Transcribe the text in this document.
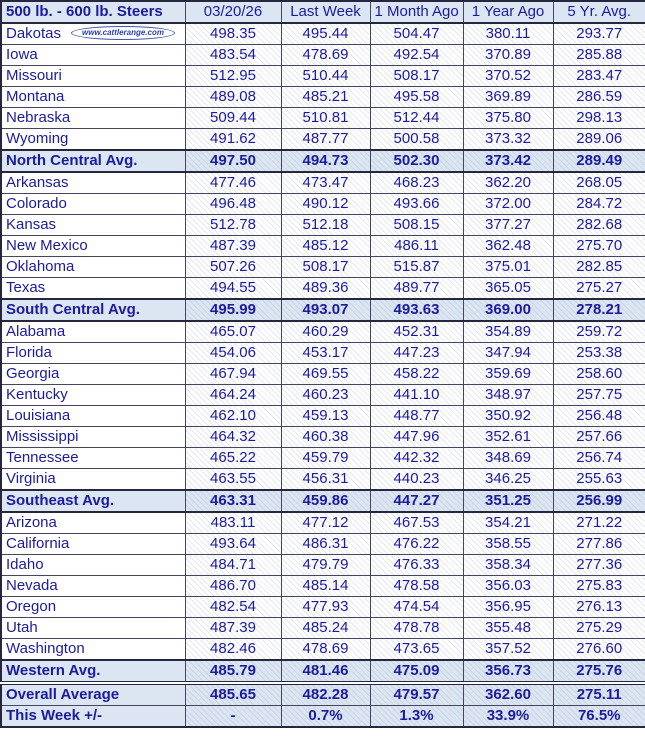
500 lb. - 600 lb. Steers	03/20/26	Last Week	1 Month Ago	1 Year Ago	5 Yr. Avg.
Dakotas www.cattlerange.com	498.35	495.44	504.47	380.11	293.77
Iowa	483.54	478.69	492.54	370.89	285.88
Missouri	512.95	510.44	508.17	370.52	283.47
Montana	489.08	485.21	495.58	369.89	286.59
Nebraska	509.44	510.81	512.44	375.80	298.13
Wyoming	491.62	487.77	500.58	373.32	289.06
North Central Avg.	497.50	494.73	502.30	373.42	289.49
Arkansas	477.46	473.47	468.23	362.20	268.05
Colorado	496.48	490.12	493.66	372.00	284.72
Kansas	512.78	512.18	508.15	377.27	282.68
New Mexico	487.39	485.12	486.11	362.48	275.70
Oklahoma	507.26	508.17	515.87	375.01	282.85
Texas	494.55	489.36	489.77	365.05	275.27
South Central Avg.	495.99	493.07	493.63	369.00	278.21
Alabama	465.07	460.29	452.31	354.89	259.72
Florida	454.06	453.17	447.23	347.94	253.38
Georgia	467.94	469.55	458.22	359.69	258.60
Kentucky	464.24	460.23	441.10	348.97	257.75
Louisiana	462.10	459.13	448.77	350.92	256.48
Mississippi	464.32	460.38	447.96	352.61	257.66
Tennessee	465.22	459.79	442.32	348.69	256.74
Virginia	463.55	456.31	440.23	346.25	255.63
Southeast Avg.	463.31	459.86	447.27	351.25	256.99
Arizona	483.11	477.12	467.53	354.21	271.22
California	493.64	486.31	476.22	358.55	277.86
Idaho	484.71	479.79	476.33	358.34	277.36
Nevada	486.70	485.14	478.58	356.03	275.83
Oregon	482.54	477.93	474.54	356.95	276.13
Utah	487.39	485.24	478.78	355.48	275.29
Washington	482.46	478.69	473.65	357.52	276.60
Western Avg.	485.79	481.46	475.09	356.73	275.76
Overall Average	485.65	482.28	479.57	362.60	275.11
This Week +/-	-	0.7%	1.3%	33.9%	76.5%
